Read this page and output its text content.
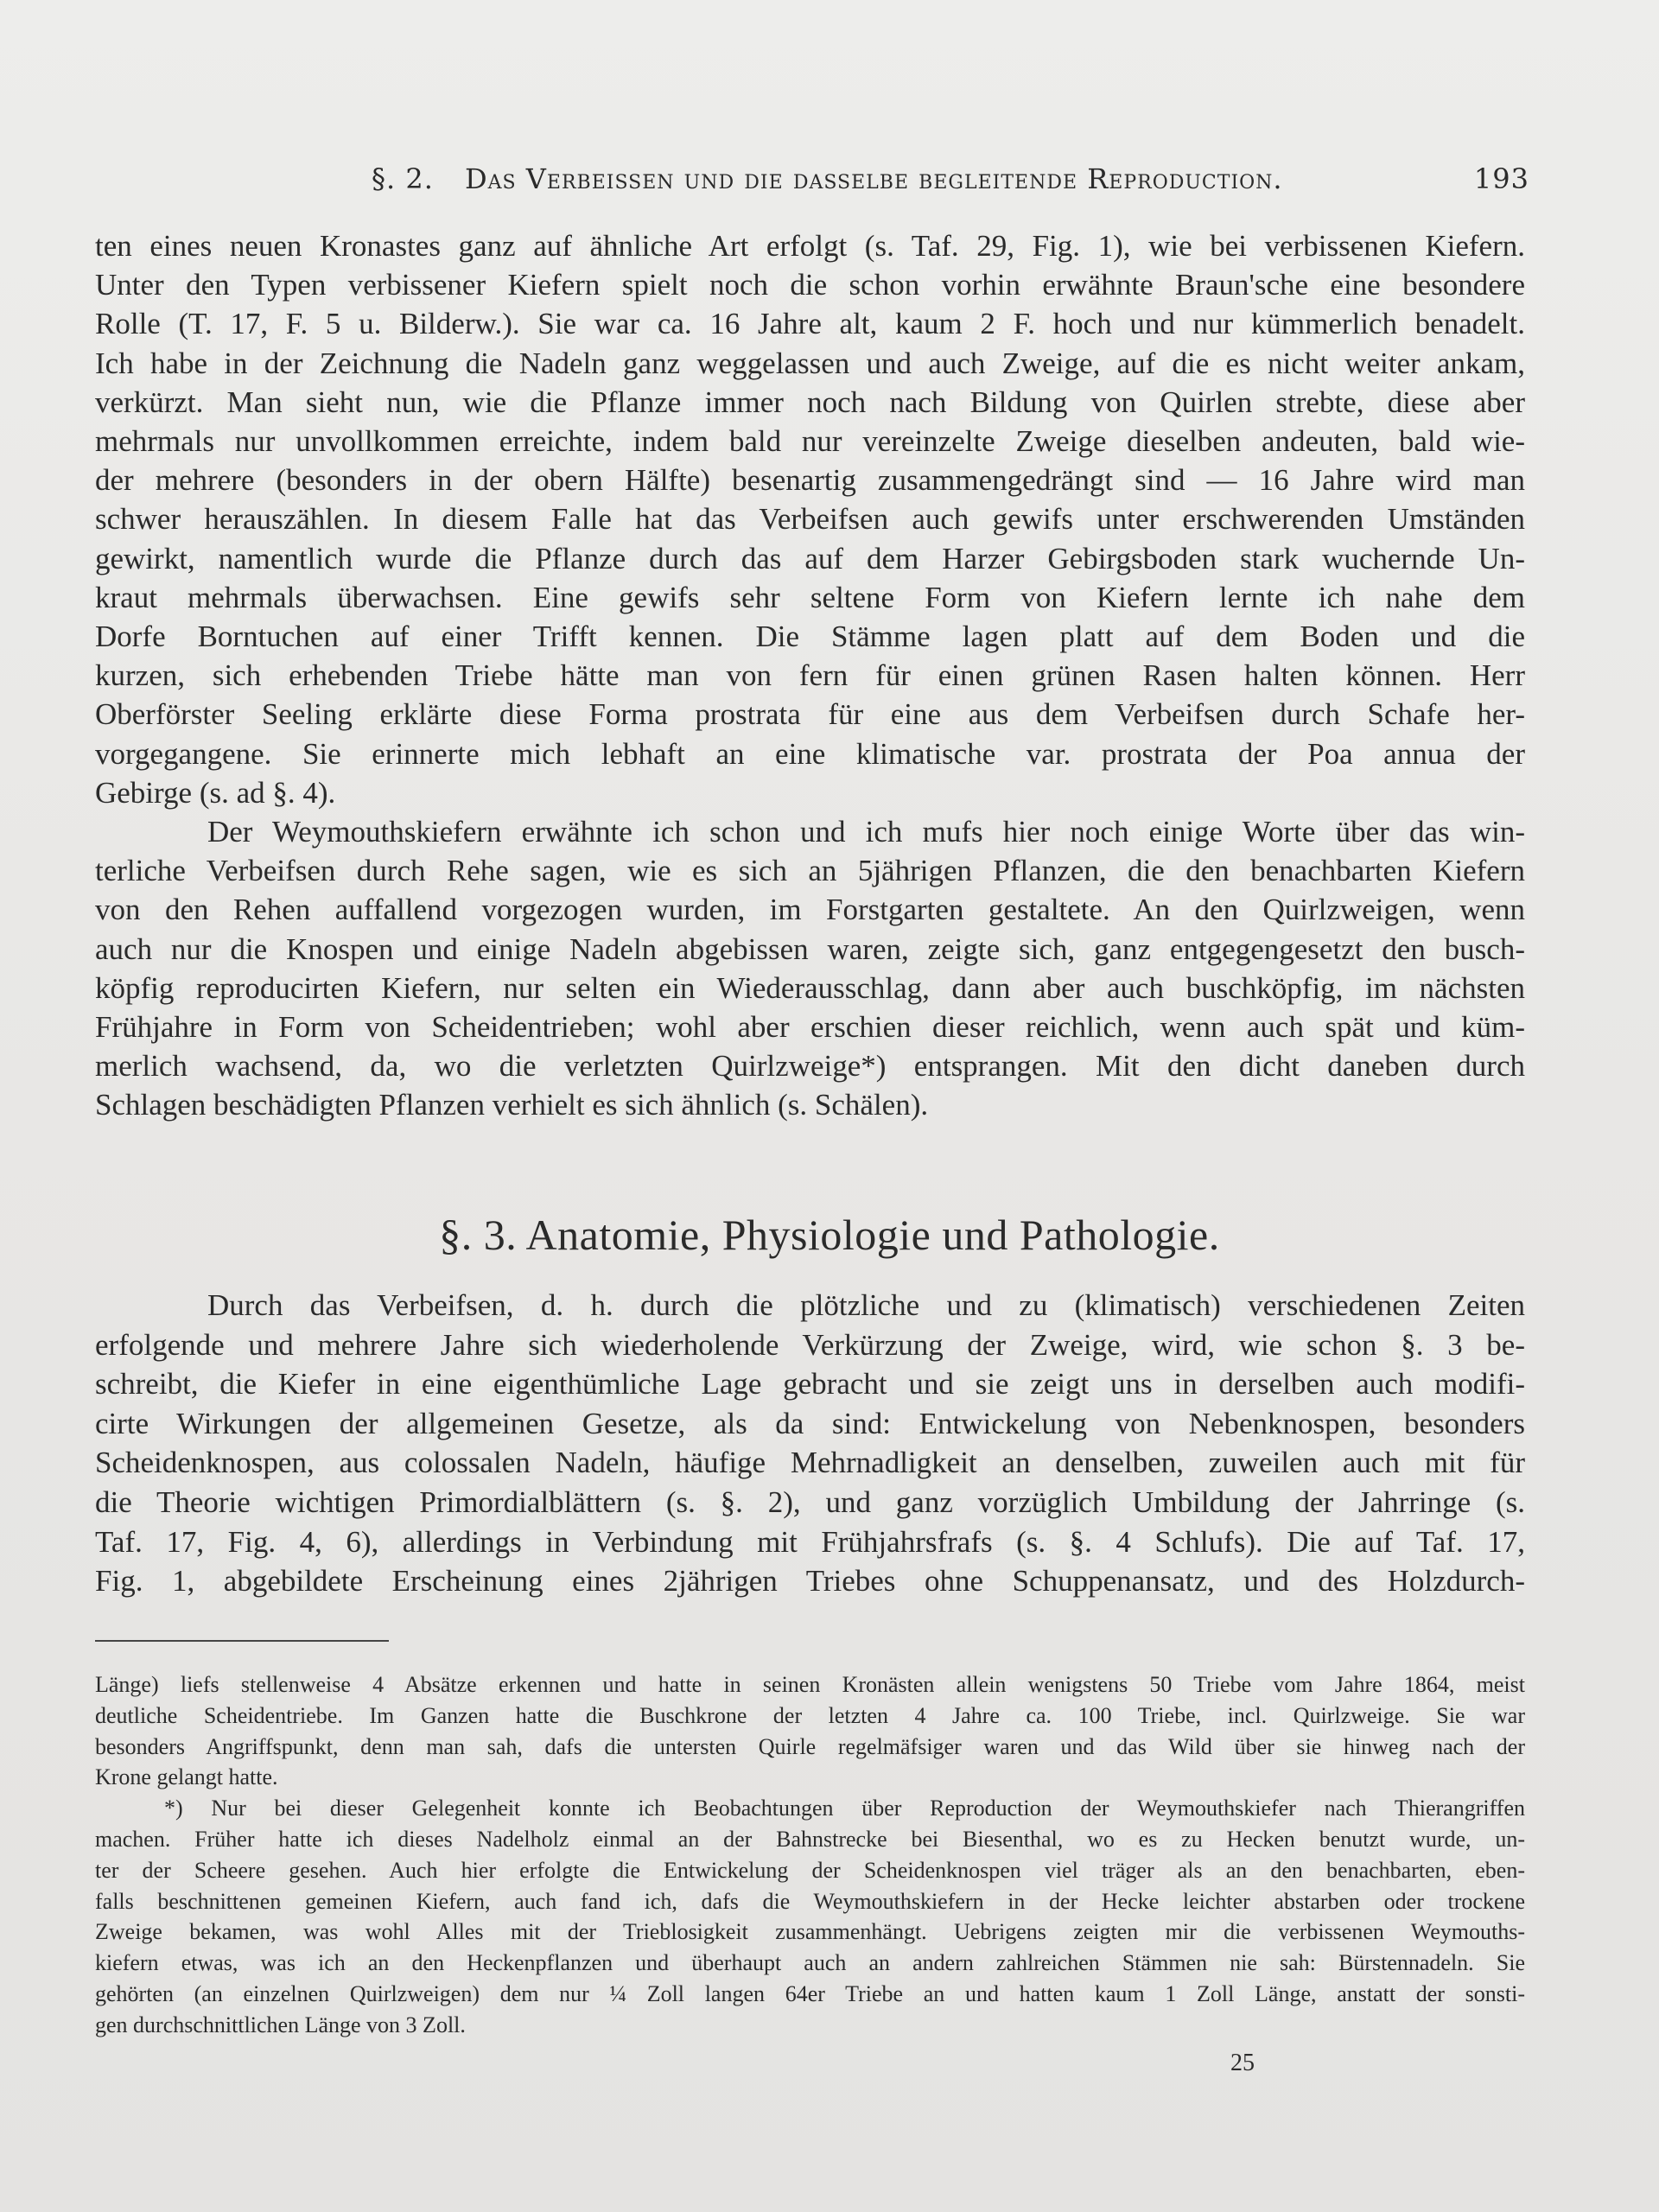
§. 2. Das Verbeissen und die dasselbe begleitende Reproduction.	193
ten eines neuen Kronastes ganz auf ähnliche Art erfolgt (s. Taf. 29, Fig. 1), wie bei verbissenen Kiefern.
Unter den Typen verbissener Kiefern spielt noch die schon vorhin erwähnte Braun'sche eine besondere
Rolle (T. 17, F. 5 u. Bilderw.). Sie war ca. 16 Jahre alt, kaum 2 F. hoch und nur kümmerlich benadelt.
Ich habe in der Zeichnung die Nadeln ganz weggelassen und auch Zweige, auf die es nicht weiter ankam,
verkürzt. Man sieht nun, wie die Pflanze immer noch nach Bildung von Quirlen strebte, diese aber
mehrmals nur unvollkommen erreichte, indem bald nur vereinzelte Zweige dieselben andeuten, bald wie-
der mehrere (besonders in der obern Hälfte) besenartig zusammengedrängt sind — 16 Jahre wird man
schwer herauszählen. In diesem Falle hat das Verbeifsen auch gewifs unter erschwerenden Umständen
gewirkt, namentlich wurde die Pflanze durch das auf dem Harzer Gebirgsboden stark wuchernde Un-
kraut mehrmals überwachsen. Eine gewifs sehr seltene Form von Kiefern lernte ich nahe dem
Dorfe Borntuchen auf einer Trifft kennen. Die Stämme lagen platt auf dem Boden und die
kurzen, sich erhebenden Triebe hätte man von fern für einen grünen Rasen halten können. Herr
Oberförster Seeling erklärte diese Forma prostrata für eine aus dem Verbeifsen durch Schafe her-
vorgegangene. Sie erinnerte mich lebhaft an eine klimatische var. prostrata der Poa annua der
Gebirge (s. ad §. 4).
Der Weymouthskiefern erwähnte ich schon und ich mufs hier noch einige Worte über das win-
terliche Verbeifsen durch Rehe sagen, wie es sich an 5jährigen Pflanzen, die den benachbarten Kiefern
von den Rehen auffallend vorgezogen wurden, im Forstgarten gestaltete. An den Quirlzweigen, wenn
auch nur die Knospen und einige Nadeln abgebissen waren, zeigte sich, ganz entgegengesetzt den busch-
köpfig reproducirten Kiefern, nur selten ein Wiederausschlag, dann aber auch buschköpfig, im nächsten
Frühjahre in Form von Scheidentrieben; wohl aber erschien dieser reichlich, wenn auch spät und küm-
merlich wachsend, da, wo die verletzten Quirlzweige*) entsprangen. Mit den dicht daneben durch
Schlagen beschädigten Pflanzen verhielt es sich ähnlich (s. Schälen).
§. 3. Anatomie, Physiologie und Pathologie.
Durch das Verbeifsen, d. h. durch die plötzliche und zu (klimatisch) verschiedenen Zeiten
erfolgende und mehrere Jahre sich wiederholende Verkürzung der Zweige, wird, wie schon §. 3 be-
schreibt, die Kiefer in eine eigenthümliche Lage gebracht und sie zeigt uns in derselben auch modifi-
cirte Wirkungen der allgemeinen Gesetze, als da sind: Entwickelung von Nebenknospen, besonders
Scheidenknospen, aus colossalen Nadeln, häufige Mehrnadligkeit an denselben, zuweilen auch mit für
die Theorie wichtigen Primordialblättern (s. §. 2), und ganz vorzüglich Umbildung der Jahrringe (s.
Taf. 17, Fig. 4, 6), allerdings in Verbindung mit Frühjahrsfrafs (s. §. 4 Schlufs). Die auf Taf. 17,
Fig. 1, abgebildete Erscheinung eines 2jährigen Triebes ohne Schuppenansatz, und des Holzdurch-
Länge) liefs stellenweise 4 Absätze erkennen und hatte in seinen Kronästen allein wenigstens 50 Triebe vom Jahre 1864, meist
deutliche Scheidentriebe. Im Ganzen hatte die Buschkrone der letzten 4 Jahre ca. 100 Triebe, incl. Quirlzweige. Sie war
besonders Angriffspunkt, denn man sah, dafs die untersten Quirle regelmäfsiger waren und das Wild über sie hinweg nach der
Krone gelangt hatte.
*) Nur bei dieser Gelegenheit konnte ich Beobachtungen über Reproduction der Weymouthskiefer nach Thierangriffen
machen. Früher hatte ich dieses Nadelholz einmal an der Bahnstrecke bei Biesenthal, wo es zu Hecken benutzt wurde, un-
ter der Scheere gesehen. Auch hier erfolgte die Entwickelung der Scheidenknospen viel träger als an den benachbarten, eben-
falls beschnittenen gemeinen Kiefern, auch fand ich, dafs die Weymouthskiefern in der Hecke leichter abstarben oder trockene
Zweige bekamen, was wohl Alles mit der Trieblosigkeit zusammenhängt. Uebrigens zeigten mir die verbissenen Weymouths-
kiefern etwas, was ich an den Heckenpflanzen und überhaupt auch an andern zahlreichen Stämmen nie sah: Bürstennadeln. Sie
gehörten (an einzelnen Quirlzweigen) dem nur ¼ Zoll langen 64er Triebe an und hatten kaum 1 Zoll Länge, anstatt der sonsti-
gen durchschnittlichen Länge von 3 Zoll.
25
